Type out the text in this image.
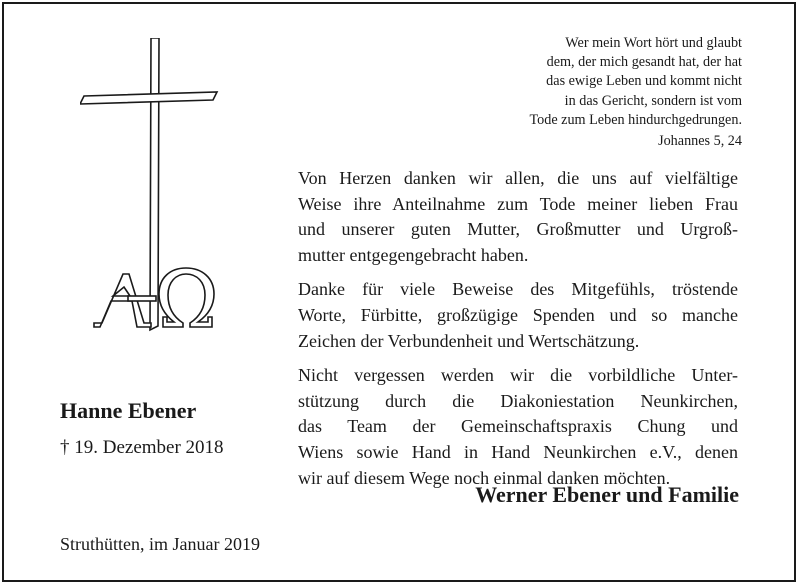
Wer mein Wort hört und glaubt
dem, der mich gesandt hat, der hat
das ewige Leben und kommt nicht
in das Gericht, sondern ist vom
Tode zum Leben hindurchgedrungen.
Johannes 5, 24
Hanne Ebener
† 19. Dezember 2018

Von Herzen danken wir allen, die uns auf vielfältige
Weise ihre Anteilnahme zum Tode meiner lieben Frau
und unserer guten Mutter, Großmutter und Urgroß-
mutter entgegengebracht haben.

Danke für viele Beweise des Mitgefühls, tröstende
Worte, Fürbitte, großzügige Spenden und so manche
Zeichen der Verbundenheit und Wertschätzung.

Nicht vergessen werden wir die vorbildliche Unter-
stützung durch die Diakoniestation Neunkirchen,
das Team der Gemeinschaftspraxis Chung und
Wiens sowie Hand in Hand Neunkirchen e.V., denen
wir auf diesem Wege noch einmal danken möchten.

Werner Ebener und Familie
Struthütten, im Januar 2019
